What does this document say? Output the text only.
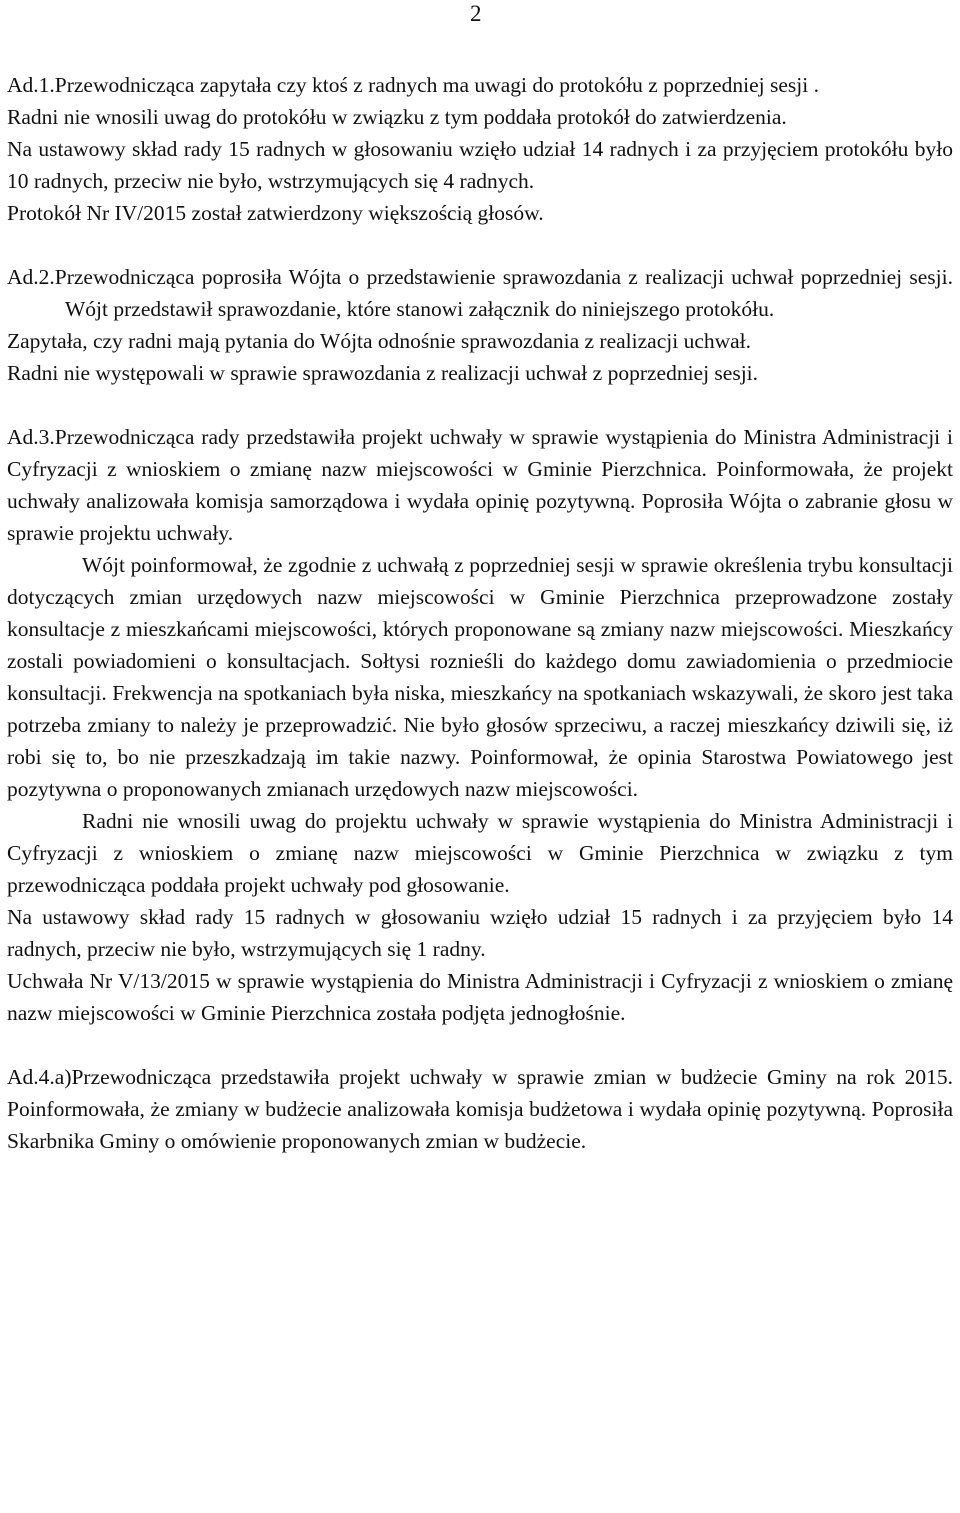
2

Ad.1.Przewodnicząca zapytała czy ktoś z radnych ma uwagi do protokółu z poprzedniej sesji .

Radni nie wnosili uwag do protokółu w związku z tym poddała protokół do zatwierdzenia.

Na ustawowy skład rady 15 radnych w głosowaniu wzięło udział 14 radnych i za przyjęciem protokółu było 10 radnych, przeciw nie było, wstrzymujących się 4 radnych.

Protokół Nr IV/2015 został zatwierdzony większością głosów.

Ad.2.Przewodnicząca poprosiła Wójta o przedstawienie sprawozdania z realizacji uchwał poprzedniej sesji. Wójt przedstawił sprawozdanie, które stanowi załącznik do niniejszego protokółu.

Zapytała, czy radni mają pytania do Wójta odnośnie sprawozdania z realizacji uchwał.

Radni nie występowali w sprawie sprawozdania z realizacji uchwał z poprzedniej sesji.

Ad.3.Przewodnicząca rady przedstawiła projekt uchwały w sprawie wystąpienia do Ministra Administracji i Cyfryzacji z wnioskiem o zmianę nazw miejscowości w Gminie Pierzchnica. Poinformowała, że projekt uchwały analizowała komisja samorządowa i wydała opinię pozytywną. Poprosiła Wójta o zabranie głosu w sprawie projektu uchwały.

Wójt poinformował, że zgodnie z uchwałą z poprzedniej sesji w sprawie określenia trybu konsultacji dotyczących zmian urzędowych nazw miejscowości w Gminie Pierzchnica przeprowadzone zostały konsultacje z mieszkańcami miejscowości, których proponowane są zmiany nazw miejscowości. Mieszkańcy zostali powiadomieni o konsultacjach. Sołtysi roznieśli do każdego domu zawiadomienia o przedmiocie konsultacji. Frekwencja na spotkaniach była niska, mieszkańcy na spotkaniach wskazywali, że skoro jest taka potrzeba zmiany to należy je przeprowadzić. Nie było głosów sprzeciwu, a raczej mieszkańcy dziwili się, iż robi się to, bo nie przeszkadzają im takie nazwy. Poinformował, że opinia Starostwa Powiatowego jest pozytywna o proponowanych zmianach urzędowych nazw miejscowości.

Radni nie wnosili uwag do projektu uchwały w sprawie wystąpienia do Ministra Administracji i Cyfryzacji z wnioskiem o zmianę nazw miejscowości w Gminie Pierzchnica w związku z tym przewodnicząca poddała projekt uchwały pod głosowanie.

Na ustawowy skład rady 15 radnych w głosowaniu wzięło udział 15 radnych i za przyjęciem było 14 radnych, przeciw nie było, wstrzymujących się 1 radny.

Uchwała Nr V/13/2015 w sprawie wystąpienia do Ministra Administracji i Cyfryzacji z wnioskiem o zmianę nazw miejscowości w Gminie Pierzchnica została podjęta jednogłośnie.

Ad.4.a)Przewodnicząca przedstawiła projekt uchwały w sprawie zmian w budżecie Gminy na rok 2015. Poinformowała, że zmiany w budżecie analizowała komisja budżetowa i wydała opinię pozytywną. Poprosiła Skarbnika Gminy o omówienie proponowanych zmian w budżecie.
